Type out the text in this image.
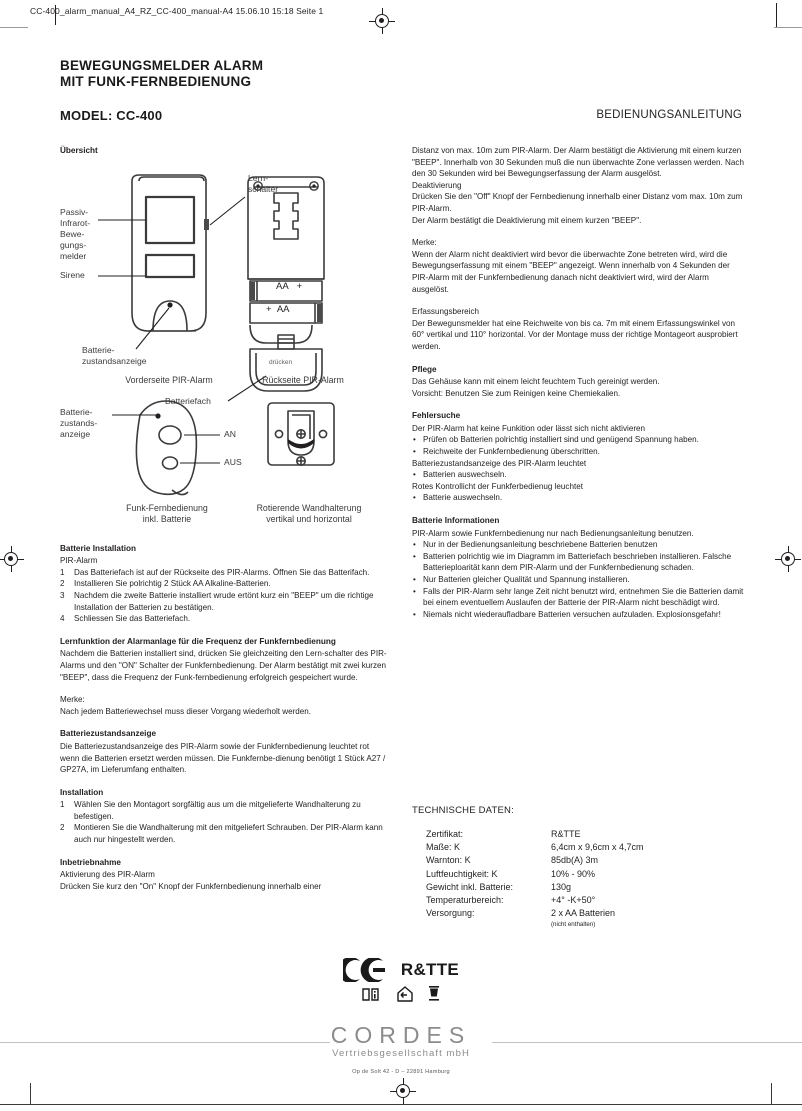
CC-400_alarm_manual_A4_RZ_CC-400_manual-A4 15.06.10 15:18 Seite 1
BEWEGUNGSMELDER ALARM
MIT FUNK-FERNBEDIENUNG
MODEL: CC-400	BEDIENUNGSANLEITUNG
Übersicht
Passiv-
Infrarot-
Bewe-
gungs-
melder
Sirene
Batterie-
zustandsanzeige
Lern-
schalter
Batteriefach
AA   +
+  AA
drücken
Batterie-
zustands-
anzeige	AN
AUS
Vorderseite PIR-Alarm	Rückseite PIR-Alarm
Funk-Fernbedienung
inkl. Batterie
Rotierende Wandhalterung
vertikal und horizontal
Batterie Installation

PIR-Alarm

1 Das Batteriefach ist auf der Rückseite des PIR-Alarms. Öffnen Sie das Batterifach.
2 Installieren Sie polrichtig 2 Stück AA Alkaline-Batterien.
3 Nachdem die zweite Batterie installiert wrude ertönt kurz ein "BEEP" um die richtige Installation der Batterien zu bestätigen.
4 Schliessen Sie das Batteriefach.
Lernfunktion der Alarmanlage für die Frequenz der Funkfernbedienung

Nachdem die Batterien installiert sind, drücken Sie gleichzeiting den Lern-schalter des PIR-Alarms und den "ON" Schalter der Funkfernbedienung. Der Alarm bestätigt mit zwei kurzen "BEEP", dass die Frequenz der Funk-fernbedienung erfolgreich gespeichert wurde.

Merke:

Nach jedem Batteriewechsel muss dieser Vorgang wiederholt werden.

Batteriezustandsanzeige

Die Batteriezustandsanzeige des PIR-Alarm sowie der Funkfernbedienung leuchtet rot wenn die Batterien ersetzt werden müssen. Die Funkfernbe-dienung benötigt 1 Stück A27 / GP27A, im Lieferumfang enthalten.

Installation
1 Wählen Sie den Montagort sorgfältig aus um die mitgelieferte Wandhalterung zu befestigen.
2 Montieren Sie die Wandhalterung mit den mitgeliefert Schrauben. Der PIR-Alarm kann auch nur hingestellt werden.
Inbetriebnahme

Aktivierung des PIR-Alarm

Drücken Sie kurz den "On" Knopf der Funkfernbedienung innerhalb einer

Distanz von max. 10m zum PIR-Alarm. Der Alarm bestätigt die Aktivierung mit einem kurzen "BEEP". Innerhalb von 30 Sekunden muß die nun überwachte Zone verlassen werden. Nach den 30 Sekunden wird bei Bewegungserfassung der Alarm ausgelöst.

Deaktivierung

Drücken Sie den "Off" Knopf der Fernbedienung innerhalb einer Distanz vom max. 10m zum PIR-Alarm.

Der Alarm bestätigt die Deaktivierung mit einem kurzen "BEEP".

Merke:

Wenn der Alarm nicht deaktiviert wird bevor die überwachte Zone betreten wird, wird die Bewegungserfassung mit einem "BEEP" angezeigt. Wenn innerhalb von 4 Sekunden der PIR-Alarm mit der Funkfernbedienung danach nicht deaktiviert wird, wird der Alarm ausgelöst.

Erfassungsbereich

Der Bewegunsmelder hat eine Reichweite von bis ca. 7m mit einem Erfassungswinkel von 60° vertikal und 110° horizontal. Vor der Montage muss der richtige Montageort ausprobiert werden.

Pflege

Das Gehäuse kann mit einem leicht feuchtem Tuch gereinigt werden.

Vorsicht: Benutzen Sie zum Reinigen keine Chemiekalien.

Fehlersuche

Der PIR-Alarm hat keine Funkition oder lässt sich nicht aktivieren

• Prüfen ob Batterien polrichtig installiert sind und genügend Spannung haben.
• Reichweite der Funkfernbedienung überschritten.

Batteriezustandsanzeige des PIR-Alarm leuchtet

• Batterien auswechseln.

Rotes Kontrollicht der Funkferbedienug leuchtet

• Batterie auswechseln.
Batterie Informationen

PIR-Alarm sowie Funkfernbedienung nur nach Bedienungsanleitung benutzen.

• Nur in der Bedienungsanleitung beschriebene Batterien benutzen
• Batterien polrichtig wie im Diagramm im Batteriefach beschrieben installieren. Falsche Batterieploarität kann dem PIR-Alarm und der Funkfernbedienung schaden.
• Nur Batterien gleicher Qualität und Spannung installieren.
• Falls der PIR-Alarm sehr lange Zeit nicht benutzt wird, entnehmen Sie die Batterien damit bei einem eventuellem Auslaufen der Batterie der PIR-Alarm nicht beschädigt wird.
• Niemals nicht wiederaufladbare Batterien versuchen aufzuladen. Explosionsgefahr!
TECHNISCHE DATEN:
Zertifikat:	R&TTE
Maße: K	6,4cm x 9,6cm x 4,7cm
Warnton: K	85db(A) 3m
Luftfeuchtigkeit: K	10% - 90%
Gewicht inkl. Batterie:	130g
Temperaturbereich:	+4° -K+50°
Versorgung:	2 x AA Batterien
(nicht enthalten)
R&TTE
CORDES
Vertriebsgesellschaft mbH
Op de Solt 42 - D – 22891 Hamburg
